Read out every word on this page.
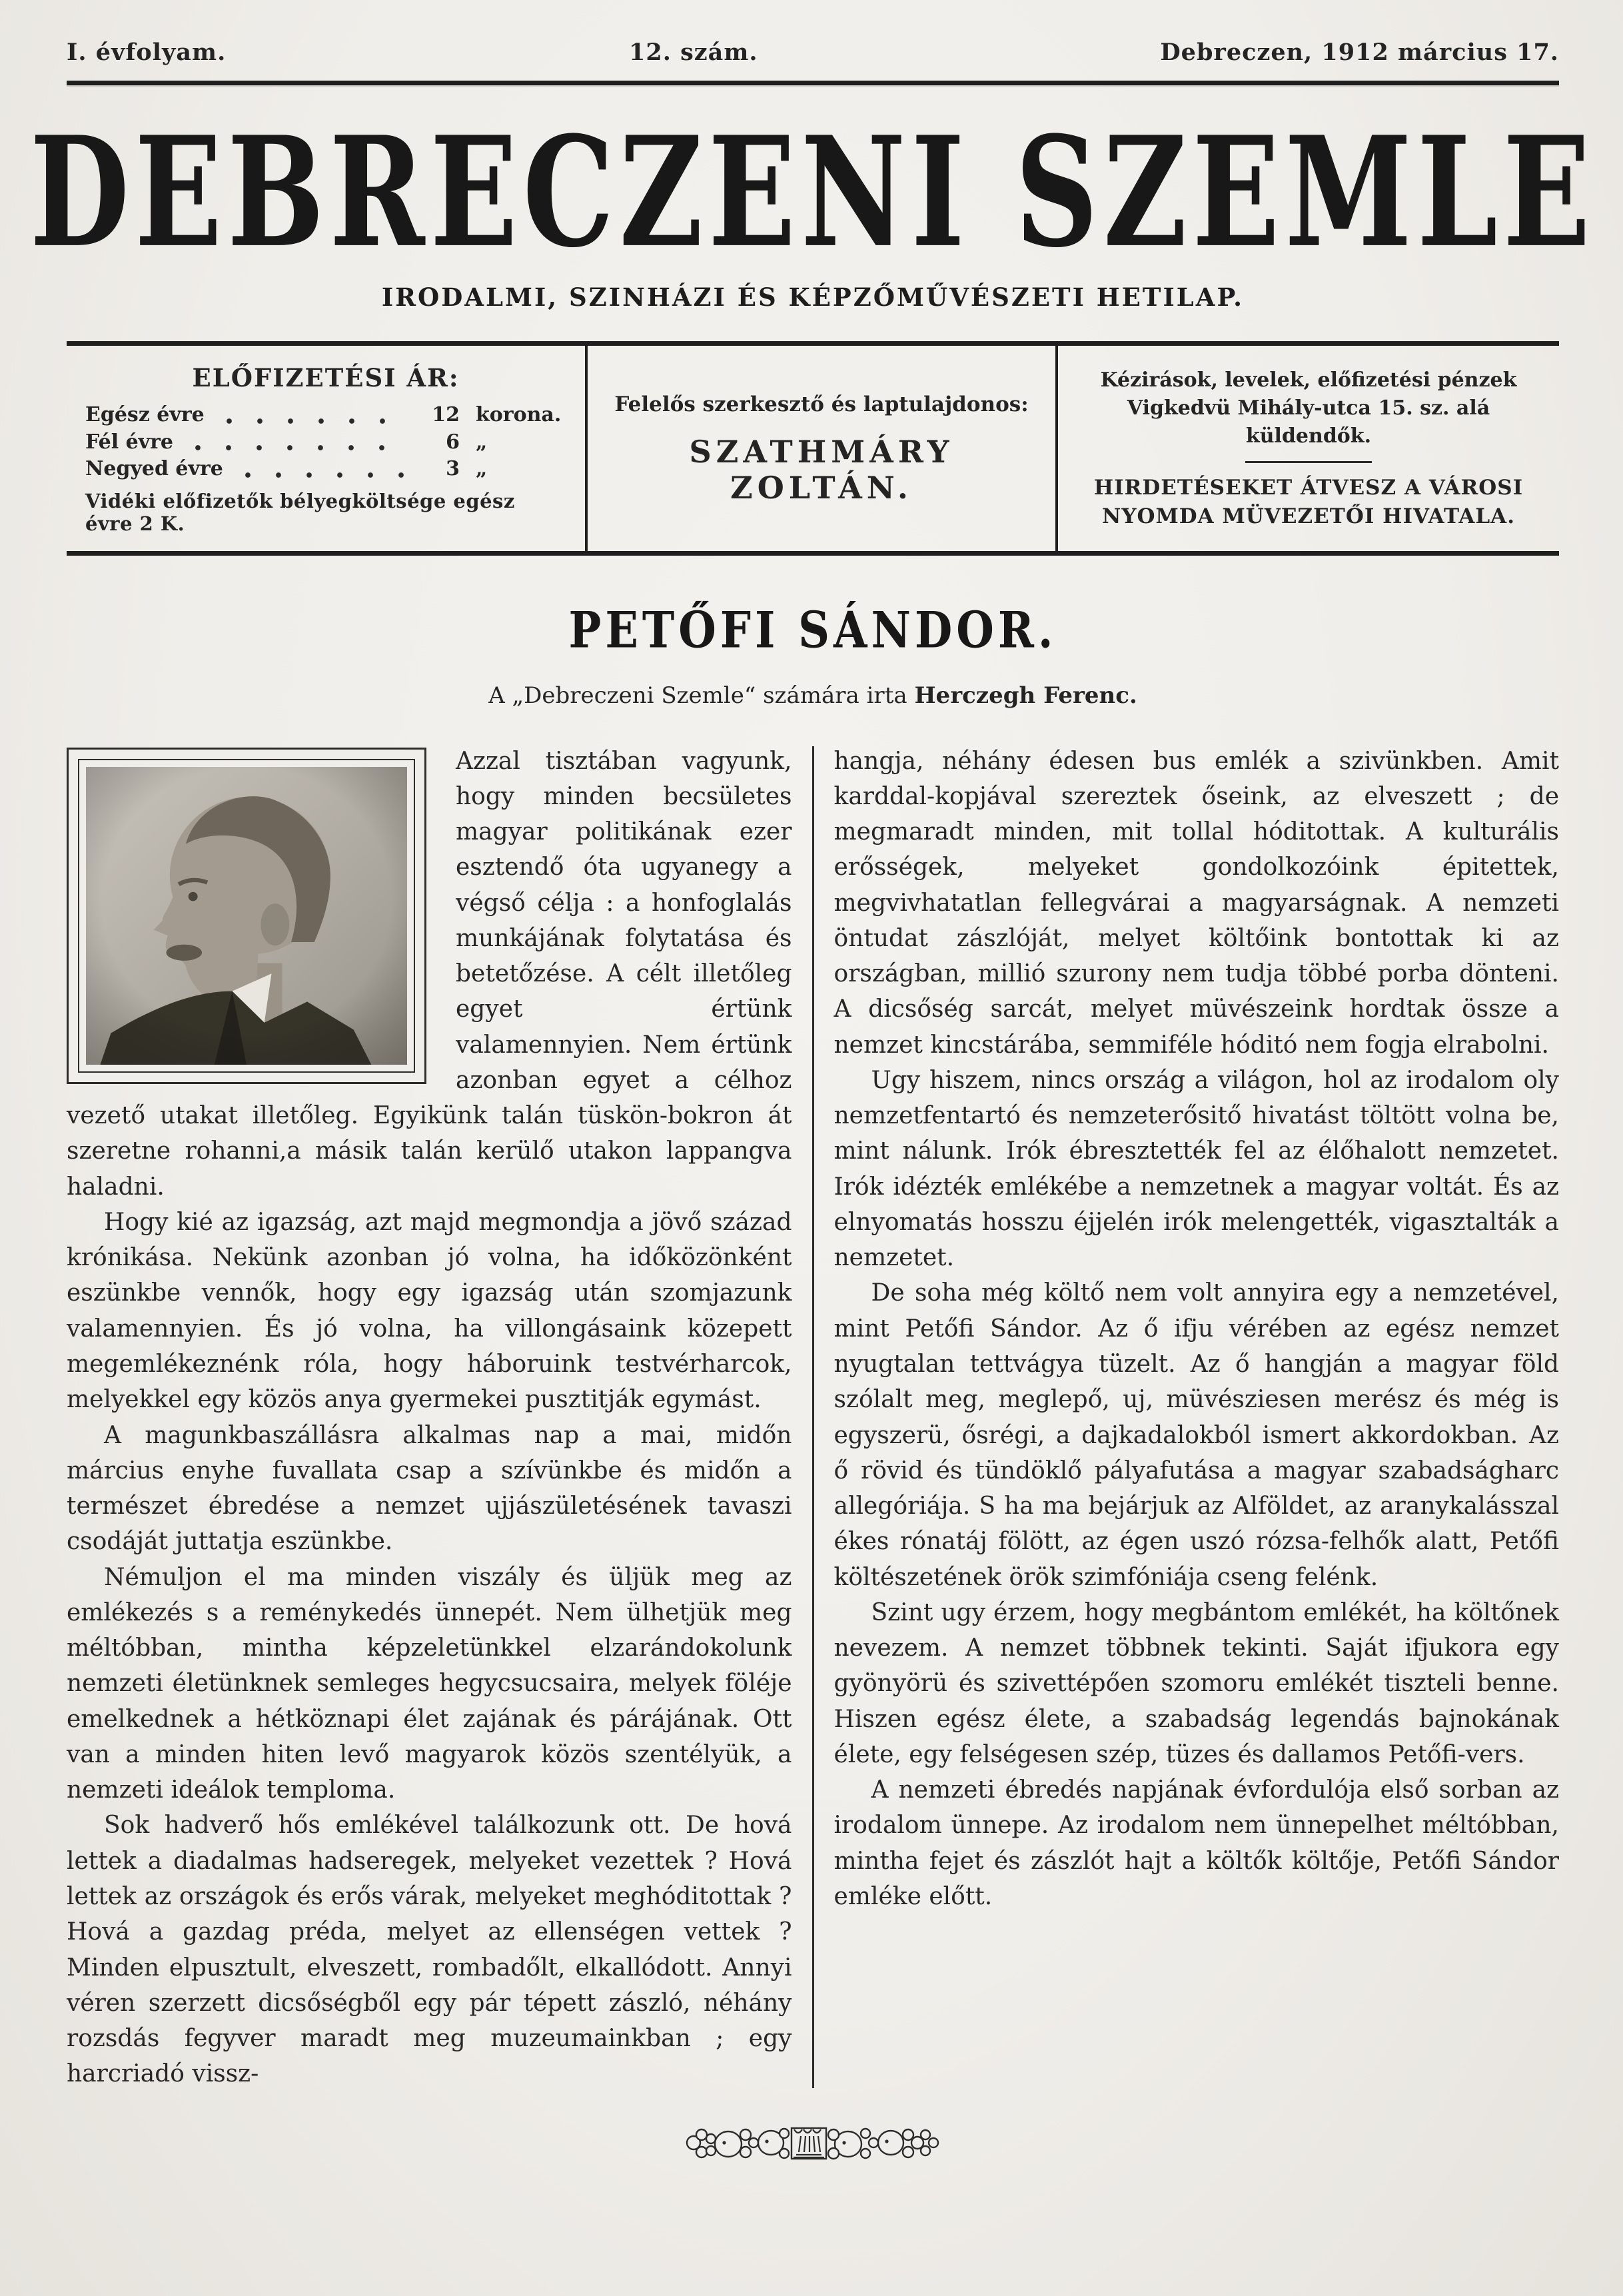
I. évfolyam.	12. szám.	Debreczen, 1912 március 17.
DEBRECZENI SZEMLE
IRODALMI, SZINHÁZI ÉS KÉPZŐMŰVÉSZETI HETILAP.
ELŐFIZETÉSI ÁR:
Egész évre	12 korona.
Fél évre	6 „
Negyed évre	3 „
Vidéki előfizetők bélyegköltsége egész évre 2 K.
Felelős szerkesztő és laptulajdonos:
SZATHMÁRY ZOLTÁN.
Kézirások, levelek, előfizetési pénzek Vigkedvü Mihály-utca 15. sz. alá küldendők.
HIRDETÉSEKET ÁTVESZ A VÁROSI NYOMDA MÜVEZETŐI HIVATALA.
PETŐFI SÁNDOR.
A „Debreczeni Szemle“ számára irta Herczegh Ferenc.

Azzal tisztában vagyunk, hogy minden becsületes magyar politikának ezer esztendő óta ugyanegy a végső célja : a honfoglalás munkájának folytatása és betetőzése. A célt illetőleg egyet értünk valamennyien. Nem értünk azonban egyet a célhoz vezető utakat illetőleg. Egyikünk talán tüskön-bokron át szeretne rohanni,a másik talán kerülő utakon lappangva haladni.

Hogy kié az igazság, azt majd megmondja a jövő század krónikása. Nekünk azonban jó volna, ha időközönként eszünkbe vennők, hogy egy igazság után szomjazunk valamennyien. És jó volna, ha villongásaink közepett megemlékeznénk róla, hogy háboruink testvérharcok, melyekkel egy közös anya gyermekei pusztitják egymást.

A magunkbaszállásra alkalmas nap a mai, midőn március enyhe fuvallata csap a szívünkbe és midőn a természet ébredése a nemzet ujjászületésének tavaszi csodáját juttatja eszünkbe.

Némuljon el ma minden viszály és üljük meg az emlékezés s a reménykedés ünnepét. Nem ülhetjük meg méltóbban, mintha képzeletünkkel elzarándokolunk nemzeti életünknek semleges hegycsucsaira, melyek föléje emelkednek a hétköznapi élet zajának és párájának. Ott van a minden hiten levő magyarok közös szentélyük, a nemzeti ideálok temploma.

Sok hadverő hős emlékével találkozunk ott. De hová lettek a diadalmas hadseregek, melyeket vezettek ? Hová lettek az országok és erős várak, melyeket meghóditottak ? Hová a gazdag préda, melyet az ellenségen vettek ? Minden elpusztult, elveszett, rombadőlt, elkallódott. Annyi véren szerzett dicsőségből egy pár tépett zászló, néhány rozsdás fegyver maradt meg muzeumainkban ; egy harcriadó vissz-

hangja, néhány édesen bus emlék a szivünkben. Amit karddal-kopjával szereztek őseink, az elveszett ; de megmaradt minden, mit tollal hóditottak. A kulturális erősségek, melyeket gondolkozóink épitettek, megvivhatatlan fellegvárai a magyarságnak. A nemzeti öntudat zászlóját, melyet költőink bontottak ki az országban, millió szurony nem tudja többé porba dönteni. A dicsőség sarcát, melyet müvészeink hordtak össze a nemzet kincstárába, semmiféle hóditó nem fogja elrabolni.

Ugy hiszem, nincs ország a világon, hol az irodalom oly nemzetfentartó és nemzeterősitő hivatást töltött volna be, mint nálunk. Irók ébresztették fel az élőhalott nemzetet. Irók idézték emlékébe a nemzetnek a magyar voltát. És az elnyomatás hosszu éjjelén irók melengették, vigasztalták a nemzetet.

De soha még költő nem volt annyira egy a nemzetével, mint Petőfi Sándor. Az ő ifju vérében az egész nemzet nyugtalan tettvágya tüzelt. Az ő hangján a magyar föld szólalt meg, meglepő, uj, müvésziesen merész és még is egyszerü, ősrégi, a dajkadalokból ismert akkordokban. Az ő rövid és tündöklő pályafutása a magyar szabadságharc allegóriája. S ha ma bejárjuk az Alföldet, az aranykalásszal ékes rónatáj fölött, az égen uszó rózsa-felhők alatt, Petőfi költészetének örök szimfóniája cseng felénk.

Szint ugy érzem, hogy megbántom emlékét, ha költőnek nevezem. A nemzet többnek tekinti. Saját ifjukora egy gyönyörü és szivettépően szomoru emlékét tiszteli benne. Hiszen egész élete, a szabadság legendás bajnokának élete, egy felségesen szép, tüzes és dallamos Petőfi-vers.

A nemzeti ébredés napjának évfordulója első sorban az irodalom ünnepe. Az irodalom nem ünnepelhet méltóbban, mintha fejet és zászlót hajt a költők költője, Petőfi Sándor emléke előtt.
